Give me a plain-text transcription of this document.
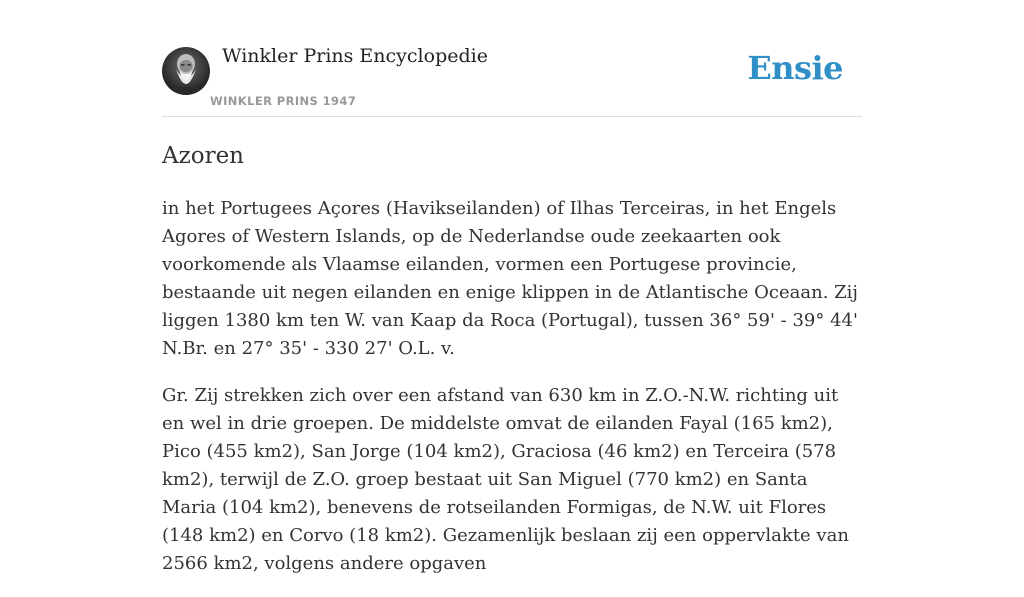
Winkler Prins Encyclopedie
WINKLER PRINS 1947
Ensie
Azoren

in het Portugees Açores (Havikseilanden) of Ilhas Terceiras, in het Engels Agores of Western Islands, op de Nederlandse oude zeekaarten ook voorkomende als Vlaamse eilanden, vormen een Portugese provincie, bestaande uit negen eilanden en enige klippen in de Atlantische Oceaan. Zij liggen 1380 km ten W. van Kaap da Roca (Portugal), tussen 36° 59' - 39° 44' N.Br. en 27° 35' - 330 27' O.L. v.

Gr. Zij strekken zich over een afstand van 630 km in Z.O.-N.W. richting uit en wel in drie groepen. De middelste omvat de eilanden Fayal (165 km2), Pico (455 km2), San Jorge (104 km2), Graciosa (46 km2) en Terceira (578 km2), terwijl de Z.O. groep bestaat uit San Miguel (770 km2) en Santa Maria (104 km2), benevens de rotseilanden Formigas, de N.W. uit Flores (148 km2) en Corvo (18 km2). Gezamenlijk beslaan zij een oppervlakte van 2566 km2, volgens andere opgaven
